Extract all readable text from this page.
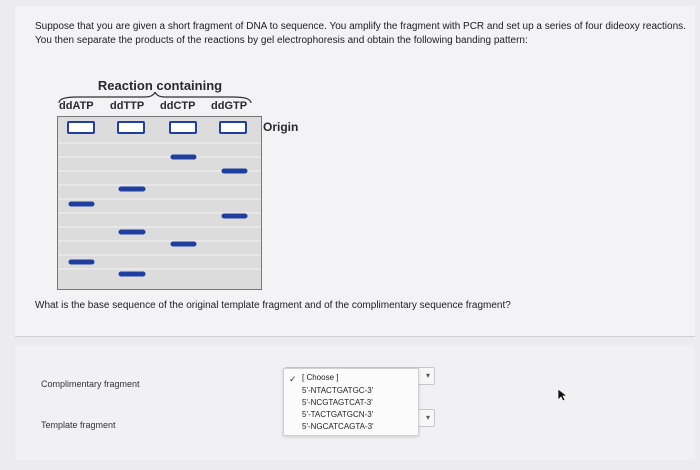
Suppose that you are given a short fragment of DNA to sequence. You amplify the fragment with PCR and set up a series of four dideoxy reactions.
You then separate the products of the reactions by gel electrophoresis and obtain the following banding pattern:
Reaction containing
ddATP ddTTP ddCTP ddGTP
Origin
What is the base sequence of the original template fragment and of the complimentary sequence fragment?
Complimentary fragment
▾
Template fragment
▾
✓ [ Choose ]
5'-NTACTGATGC-3'
5'-NCGTAGTCAT-3'
5'-TACTGATGCN-3'
5'-NGCATCAGTA-3'
